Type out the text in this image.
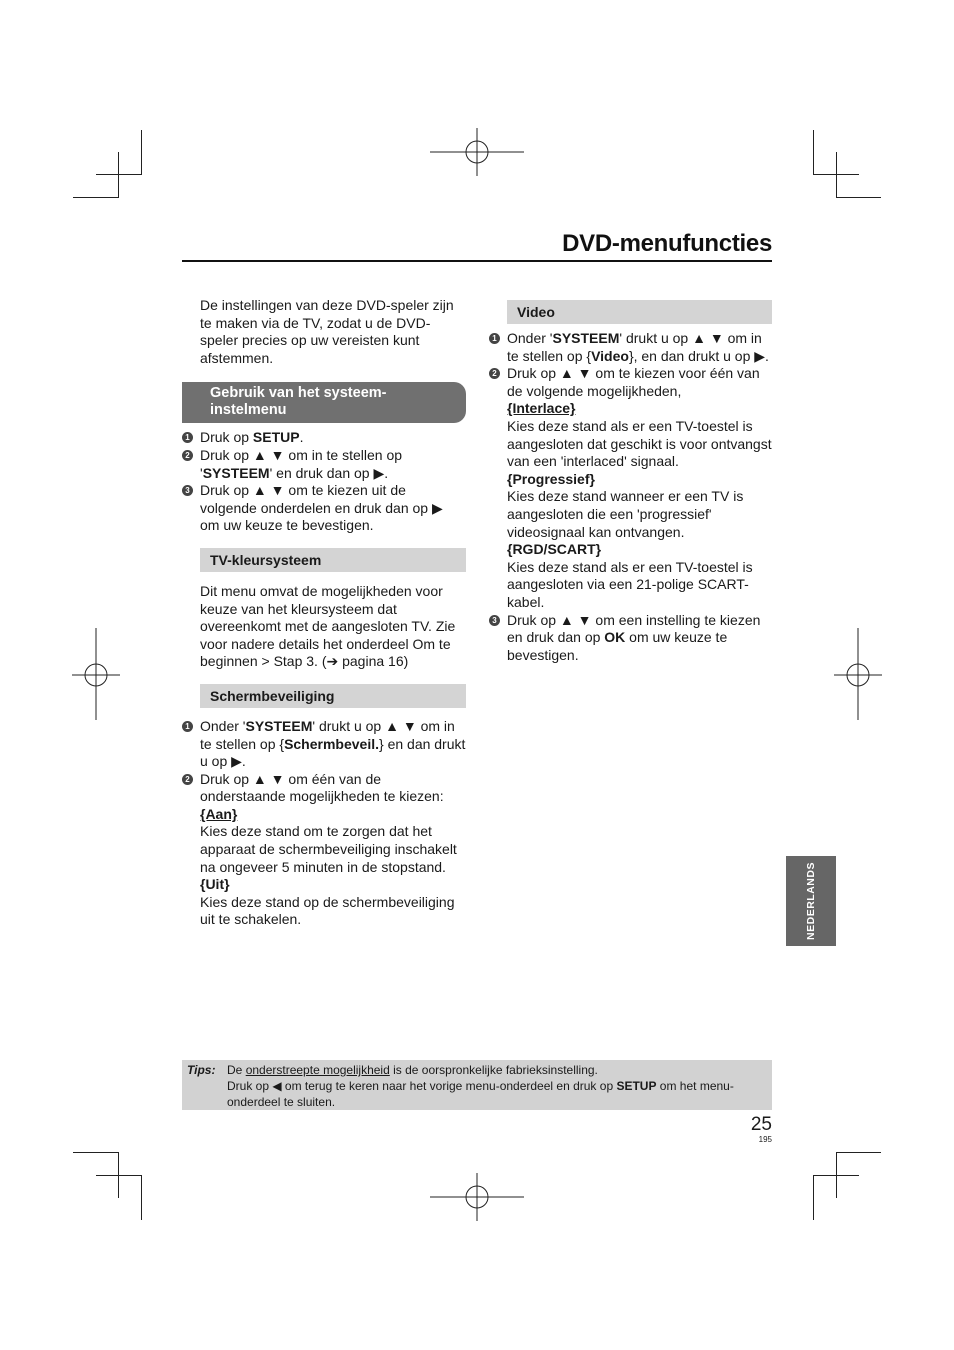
DVD-menufuncties

De instellingen van deze DVD-speler zijn te maken via de TV, zodat u de DVD-speler precies op uw vereisten kunt afstemmen.

Gebruik van het systeem-instelmenu
1 Druk op SETUP.
2 Druk op ▲ ▼ om in te stellen op 'SYSTEEM' en druk dan op ▶.
3 Druk op ▲ ▼ om te kiezen uit de volgende onderdelen en druk dan op ▶ om uw keuze te bevestigen.
TV-kleursysteem

Dit menu omvat de mogelijkheden voor keuze van het kleursysteem dat overeenkomt met de aangesloten TV. Zie voor nadere details het onderdeel Om te beginnen > Stap 3. (➔ pagina 16)

Schermbeveiliging
1 Onder 'SYSTEEM' drukt u op ▲ ▼ om in te stellen op {Schermbeveil.} en dan drukt u op ▶.
2 Druk op ▲ ▼ om één van de onderstaande mogelijkheden te kiezen:
{Aan}
Kies deze stand om te zorgen dat het apparaat de schermbeveiliging inschakelt na ongeveer 5 minuten in de stopstand.
{Uit}
Kies deze stand op de schermbeveiliging uit te schakelen.
Video
1 Onder 'SYSTEEM' drukt u op ▲ ▼ om in te stellen op {Video}, en dan drukt u op ▶.
2 Druk op ▲ ▼ om te kiezen voor één van de volgende mogelijkheden,
{Interlace}
Kies deze stand als er een TV-toestel is aangesloten dat geschikt is voor ontvangst van een 'interlaced' signaal.
{Progressief}
Kies deze stand wanneer er een TV is aangesloten die een 'progressief' videosignaal kan ontvangen.
{RGD/SCART}
Kies deze stand als er een TV-toestel is aangesloten via een 21-polige SCART-kabel.
3 Druk op ▲ ▼ om een instelling te kiezen en druk dan op OK om uw keuze te bevestigen.
NEDERLANDS
Tips: De onderstreepte mogelijkheid is de oorspronkelijke fabrieksinstelling.
Druk op ◀ om terug te keren naar het vorige menu-onderdeel en druk op SETUP om het menu-onderdeel te sluiten.
25
195
